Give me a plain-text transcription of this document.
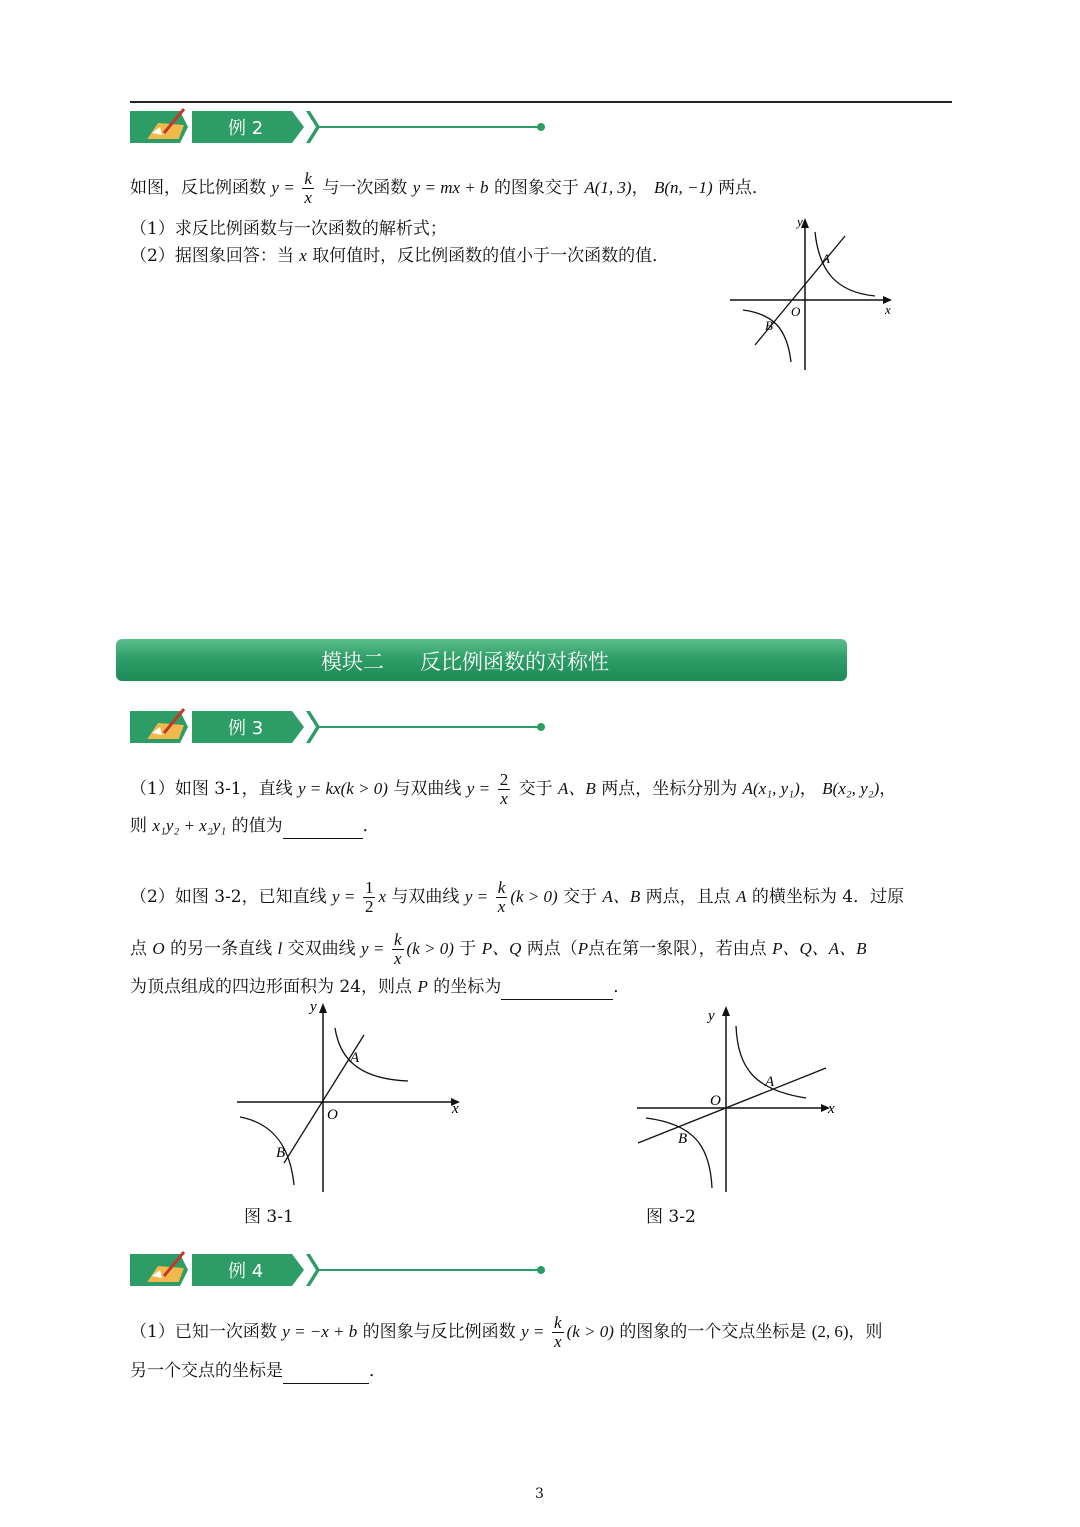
例 2
如图，反比例函数 $y = \frac{k}{x}$ 与一次函数 y = mx + b 的图象交于 A(1, 3)， B(n, −1) 两点．
（1）求反比例函数与一次函数的解析式；
（2）据图象回答：当 x 取何值时，反比例函数的值小于一次函数的值．
y
x
O
A
B
模块二 反比例函数的对称性
例 3
（1）如图 3-1，直线 y = kx(k > 0) 与双曲线 $y = \frac{2}{x}$ 交于 A、B 两点，坐标分别为 A(x₁, y₁)， B(x₂, y₂)，
则 x₁y₂ + x₂y₁ 的值为	．
（2）如图 3-2，已知直线 $y = \frac{1}{2}$ x 与双曲线 $y = \frac{k}{x} (k > 0)$ 交于 A、B 两点，且点 A 的横坐标为 4．过原
点 O 的另一条直线 l 交双曲线 $y = \frac{k}{x} (k > 0)$ 于 P、Q 两点（P点在第一象限），若由点 P、Q、A、B
为顶点组成的四边形面积为 24，则点 P 的坐标为	．
y
x
O
A
B
图 3-1
y
x
O
A
B
图 3-2
例 4
（1）已知一次函数 y = −x + b 的图象与反比例函数 $y = \frac{k}{x} (k > 0)$ 的图象的一个交点坐标是 (2, 6)，则
另一个交点的坐标是	．
3
